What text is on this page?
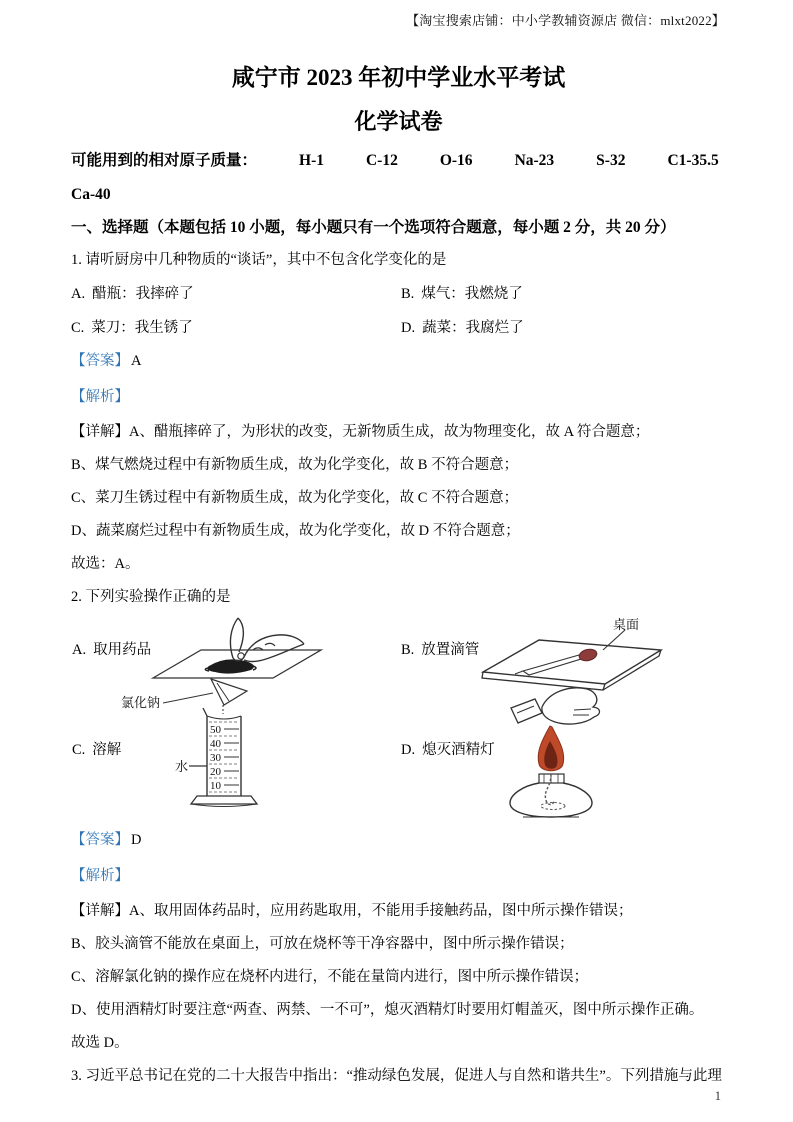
【淘宝搜索店铺：中小学教辅资源店 微信：mlxt2022】
咸宁市 2023 年初中学业水平考试
化学试卷
可能用到的相对原子质量：	H-1	C-12	O-16	Na-23	S-32	C1-35.5
Ca-40
一、选择题（本题包括 10 小题，每小题只有一个选项符合题意，每小题 2 分，共 20 分）

1. 请听厨房中几种物质的“谈话”，其中不包含化学变化的是

A. 醋瓶：我摔碎了	B. 煤气：我燃烧了
C. 菜刀：我生锈了	D. 蔬菜：我腐烂了

【答案】 A

【解析】

【详解】A、醋瓶摔碎了，为形状的改变，无新物质生成，故为物理变化，故 A 符合题意；

B、煤气燃烧过程中有新物质生成，故为化学变化，故 B 不符合题意；

C、菜刀生锈过程中有新物质生成，故为化学变化，故 C 不符合题意；

D、蔬菜腐烂过程中有新物质生成，故为化学变化，故 D 不符合题意；

故选：A。

2. 下列实验操作正确的是

A. 取用药品	B. 放置滴管
桌面
C. 溶解
氯化钠
50
40
30
20
10
水
D. 熄灭酒精灯

【答案】 D

【解析】

【详解】A、取用固体药品时，应用药匙取用，不能用手接触药品，图中所示操作错误；

B、胶头滴管不能放在桌面上，可放在烧杯等干净容器中，图中所示操作错误；

C、溶解氯化钠的操作应在烧杯内进行，不能在量筒内进行，图中所示操作错误；

D、使用酒精灯时要注意“两查、两禁、一不可”，熄灭酒精灯时要用灯帽盖灭，图中所示操作正确。

故选 D。

3. 习近平总书记在党的二十大报告中指出：“推动绿色发展，促进人与自然和谐共生”。下列措施与此理

1
